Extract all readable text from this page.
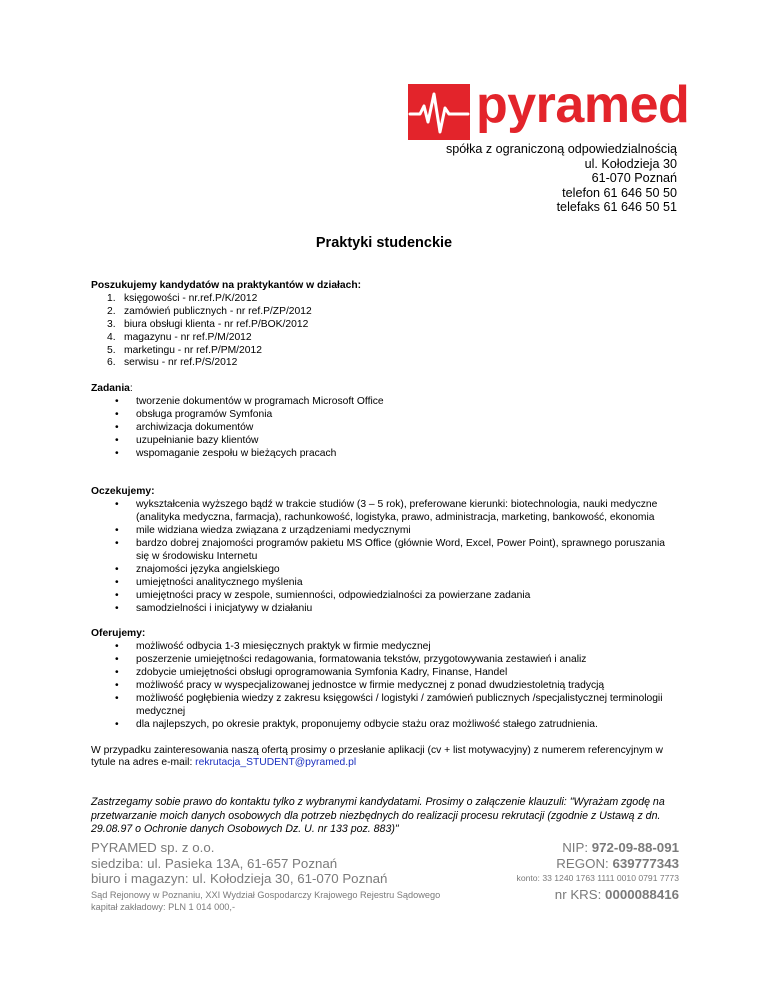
pyramed
spółka z ograniczoną odpowiedzialnością
ul. Kołodzieja 30
61-070 Poznań
telefon 61 646 50 50
telefaks 61 646 50 51
Praktyki studenckie
Poszukujemy kandydatów na praktykantów w działach:
1. księgowości - nr.ref.P/K/2012
2. zamówień publicznych - nr ref.P/ZP/2012
3. biura obsługi klienta - nr ref.P/BOK/2012
4. magazynu - nr ref.P/M/2012
5. marketingu - nr ref.P/PM/2012
6. serwisu - nr ref.P/S/2012
Zadania:
• tworzenie dokumentów w programach Microsoft Office
• obsługa programów Symfonia
• archiwizacja dokumentów
• uzupełnianie bazy klientów
• wspomaganie zespołu w bieżących pracach
Oczekujemy:
• wykształcenia wyższego bądź w trakcie studiów (3 – 5 rok), preferowane kierunki: biotechnologia, nauki medyczne (analityka medyczna, farmacja), rachunkowość, logistyka, prawo, administracja, marketing, bankowość, ekonomia
• mile widziana wiedza związana z urządzeniami medycznymi
• bardzo dobrej znajomości programów pakietu MS Office (głównie Word, Excel, Power Point), sprawnego poruszania się w środowisku Internetu
• znajomości języka angielskiego
• umiejętności analitycznego myślenia
• umiejętności pracy w zespole, sumienności, odpowiedzialności za powierzane zadania
• samodzielności i inicjatywy w działaniu
Oferujemy:
• możliwość odbycia 1-3 miesięcznych praktyk w firmie medycznej
• poszerzenie umiejętności redagowania, formatowania tekstów, przygotowywania zestawień i analiz
• zdobycie umiejętności obsługi oprogramowania Symfonia Kadry, Finanse, Handel
• możliwość pracy w wyspecjalizowanej jednostce w firmie medycznej z ponad dwudziestoletnią tradycją
• możliwość pogłębienia wiedzy z zakresu księgowści / logistyki / zamówień publicznych /specjalistycznej terminologii medycznej
• dla najlepszych, po okresie praktyk, proponujemy odbycie stażu oraz możliwość stałego zatrudnienia.
W przypadku zainteresowania naszą ofertą prosimy o przesłanie aplikacji (cv + list motywacyjny) z numerem referencyjnym w tytule na adres e-mail: rekrutacja_STUDENT@pyramed.pl
Zastrzegamy sobie prawo do kontaktu tylko z wybranymi kandydatami. Prosimy o załączenie klauzuli: "Wyrażam zgodę na przetwarzanie moich danych osobowych dla potrzeb niezbędnych do realizacji procesu rekrutacji (zgodnie z Ustawą z dn. 29.08.97 o Ochronie danych Osobowych Dz. U. nr 133 poz. 883)"
PYRAMED sp. z o.o.
siedziba: ul. Pasieka 13A, 61-657 Poznań
biuro i magazyn: ul. Kołodzieja 30, 61-070 Poznań
Sąd Rejonowy w Poznaniu, XXI Wydział Gospodarczy Krajowego Rejestru Sądowego
kapitał zakładowy: PLN 1 014 000,-
NIP: 972-09-88-091
REGON: 639777343
konto: 33 1240 1763 1111 0010 0791 7773
nr KRS: 0000088416
